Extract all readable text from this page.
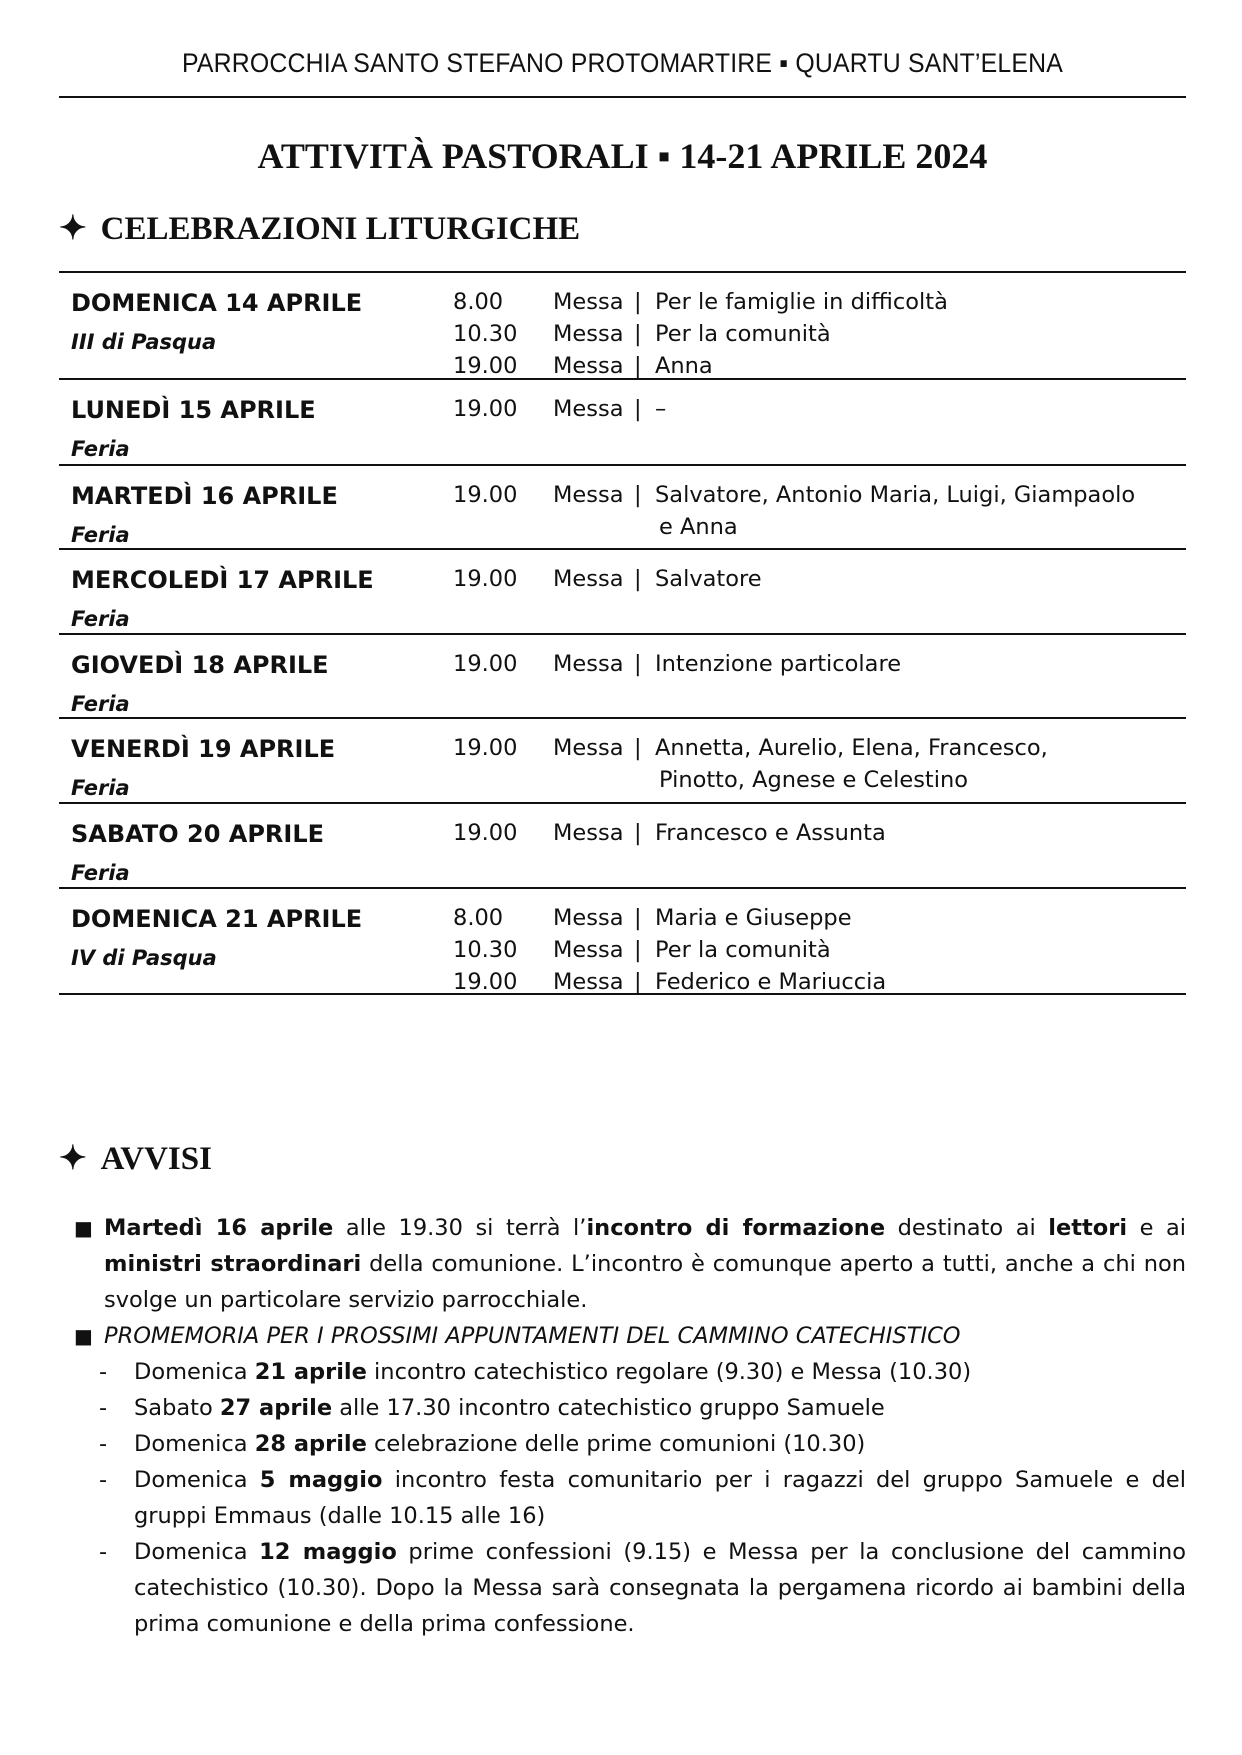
PARROCCHIA SANTO STEFANO PROTOMARTIRE ▪ QUARTU SANT’ELENA
ATTIVITÀ PASTORALI ▪ 14-21 APRILE 2024
✦ CELEBRAZIONI LITURGICHE
DOMENICA 14 APRILE
III di Pasqua
8.00 Messa | Per le famiglie in difficoltà
10.30 Messa | Per la comunità
19.00 Messa | Anna
LUNEDÌ 15 APRILE
Feria
19.00 Messa | –
MARTEDÌ 16 APRILE
Feria
19.00 Messa | Salvatore, Antonio Maria, Luigi, Giampaolo
e Anna
MERCOLEDÌ 17 APRILE
Feria
19.00 Messa | Salvatore
GIOVEDÌ 18 APRILE
Feria
19.00 Messa | Intenzione particolare
VENERDÌ 19 APRILE
Feria
19.00 Messa | Annetta, Aurelio, Elena, Francesco,
Pinotto, Agnese e Celestino
SABATO 20 APRILE
Feria
19.00 Messa | Francesco e Assunta
DOMENICA 21 APRILE
IV di Pasqua
8.00 Messa | Maria e Giuseppe
10.30 Messa | Per la comunità
19.00 Messa | Federico e Mariuccia
✦ AVVISI
■ Martedì 16 aprile alle 19.30 si terrà l’incontro di formazione destinato ai lettori e ai ministri straordinari della comunione. L’incontro è comunque aperto a tutti, anche a chi non svolge un particolare servizio parrocchiale.
■ PROMEMORIA PER I PROSSIMI APPUNTAMENTI DEL CAMMINO CATECHISTICO
- Domenica 21 aprile incontro catechistico regolare (9.30) e Messa (10.30)
- Sabato 27 aprile alle 17.30 incontro catechistico gruppo Samuele
- Domenica 28 aprile celebrazione delle prime comunioni (10.30)
- Domenica 5 maggio incontro festa comunitario per i ragazzi del gruppo Samuele e del gruppi Emmaus (dalle 10.15 alle 16)
- Domenica 12 maggio prime confessioni (9.15) e Messa per la conclusione del cammino catechistico (10.30). Dopo la Messa sarà consegnata la pergamena ricordo ai bambini della prima comunione e della prima confessione.
